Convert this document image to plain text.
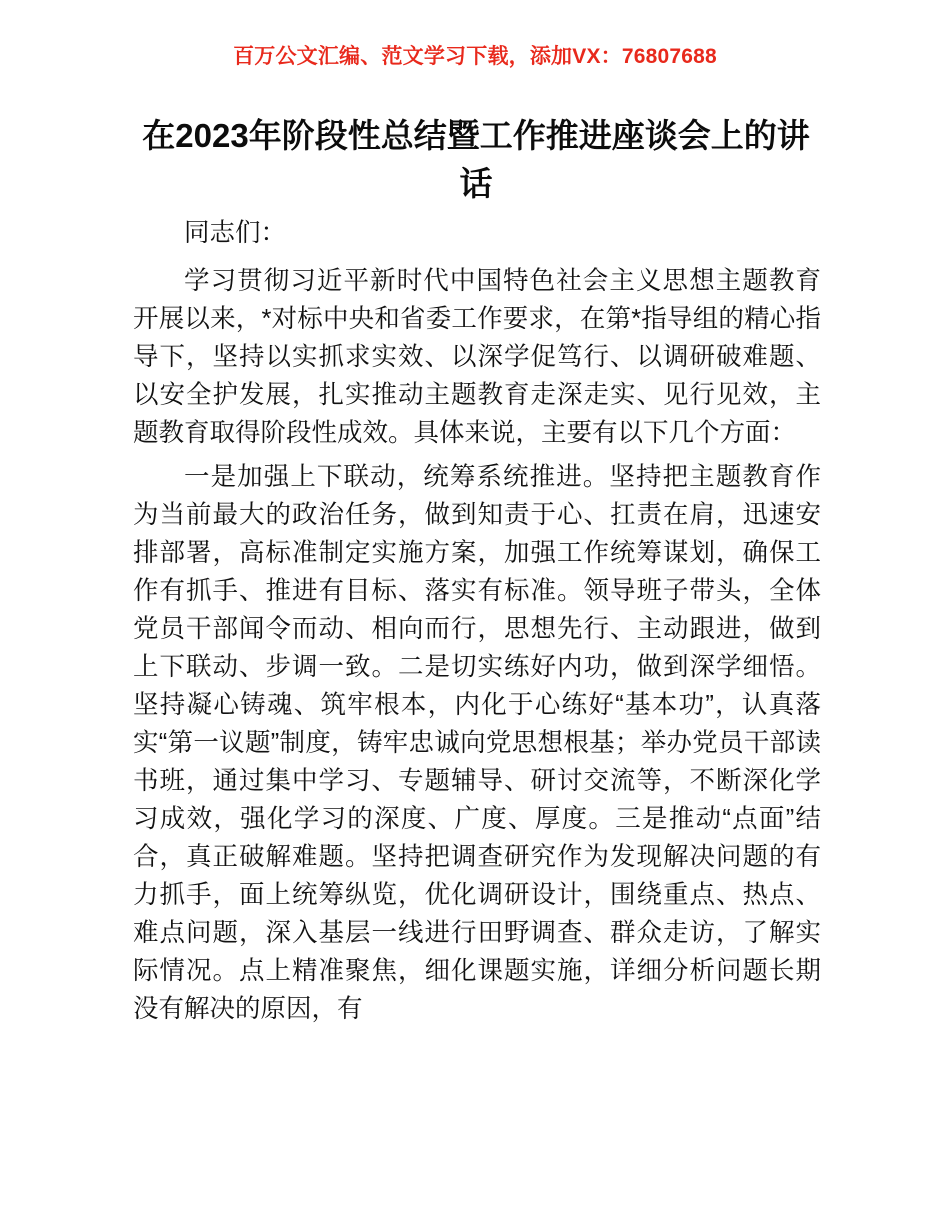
百万公文汇编、范文学习下载，添加VX：76807688
在2023年阶段性总结暨工作推进座谈会上的讲话

同志们：

学习贯彻习近平新时代中国特色社会主义思想主题教育开展以来，*对标中央和省委工作要求，在第*指导组的精心指导下，坚持以实抓求实效、以深学促笃行、以调研破难题、以安全护发展，扎实推动主题教育走深走实、见行见效，主题教育取得阶段性成效。具体来说，主要有以下几个方面：

一是加强上下联动，统筹系统推进。坚持把主题教育作为当前最大的政治任务，做到知责于心、扛责在肩，迅速安排部署，高标准制定实施方案，加强工作统筹谋划，确保工作有抓手、推进有目标、落实有标准。领导班子带头，全体党员干部闻令而动、相向而行，思想先行、主动跟进，做到上下联动、步调一致。二是切实练好内功，做到深学细悟。坚持凝心铸魂、筑牢根本，内化于心练好“基本功”，认真落实“第一议题”制度，铸牢忠诚向党思想根基；举办党员干部读书班，通过集中学习、专题辅导、研讨交流等，不断深化学习成效，强化学习的深度、广度、厚度。三是推动“点面”结合，真正破解难题。坚持把调查研究作为发现解决问题的有力抓手，面上统筹纵览，优化调研设计，围绕重点、热点、难点问题，深入基层一线进行田野调查、群众走访，了解实际情况。点上精准聚焦，细化课题实施，详细分析问题长期没有解决的原因，有
